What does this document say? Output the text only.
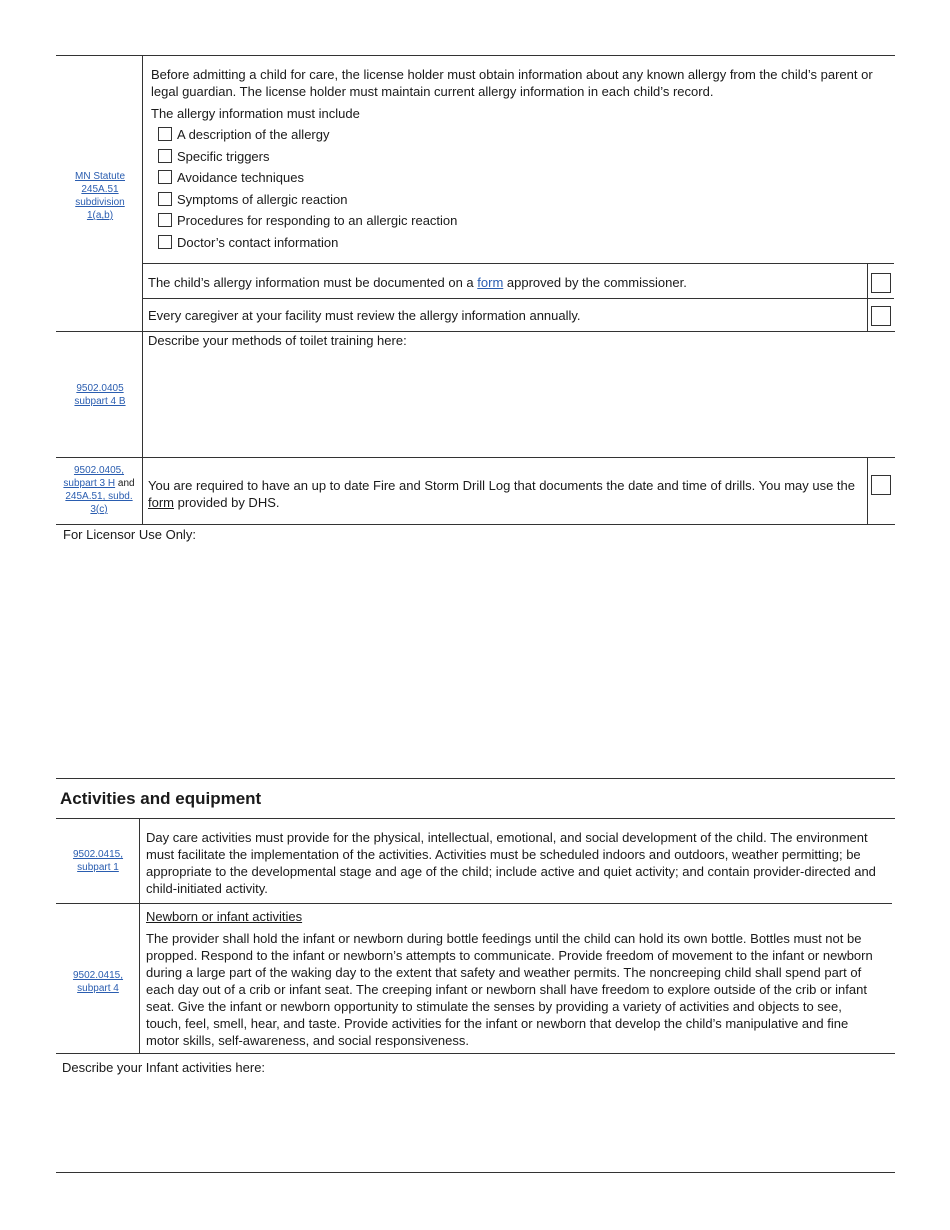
MN Statute
245A.51
subdivision
1(a,b)
Before admitting a child for care, the license holder must obtain information about any known allergy from the child’s parent or legal guardian. The license holder must maintain current allergy information in each child’s record.
The allergy information must include
A description of the allergy
Specific triggers
Avoidance techniques
Symptoms of allergic reaction
Procedures for responding to an allergic reaction
Doctor’s contact information
The child’s allergy information must be documented on a form approved by the commissioner.
Every caregiver at your facility must review the allergy information annually.
9502.0405
subpart 4 B
Describe your methods of toilet training here:
9502.0405,
subpart 3 H and
245A.51, subd.
3(c)
You are required to have an up to date Fire and Storm Drill Log that documents the date and time of drills. You may use the form provided by DHS.
For Licensor Use Only:
Activities and equipment
9502.0415,
subpart 1
Day care activities must provide for the physical, intellectual, emotional, and social development of the child. The environment must facilitate the implementation of the activities. Activities must be scheduled indoors and outdoors, weather permitting; be appropriate to the developmental stage and age of the child; include active and quiet activity; and contain provider-directed and child-initiated activity.
9502.0415,
subpart 4
Newborn or infant activities
The provider shall hold the infant or newborn during bottle feedings until the child can hold its own bottle. Bottles must not be propped. Respond to the infant or newborn’s attempts to communicate. Provide freedom of movement to the infant or newborn during a large part of the waking day to the extent that safety and weather permits. The noncreeping child shall spend part of each day out of a crib or infant seat. The creeping infant or newborn shall have freedom to explore outside of the crib or infant seat. Give the infant or newborn opportunity to stimulate the senses by providing a variety of activities and objects to see, touch, feel, smell, hear, and taste. Provide activities for the infant or newborn that develop the child’s manipulative and fine motor skills, self-awareness, and social responsiveness.
Describe your Infant activities here:
